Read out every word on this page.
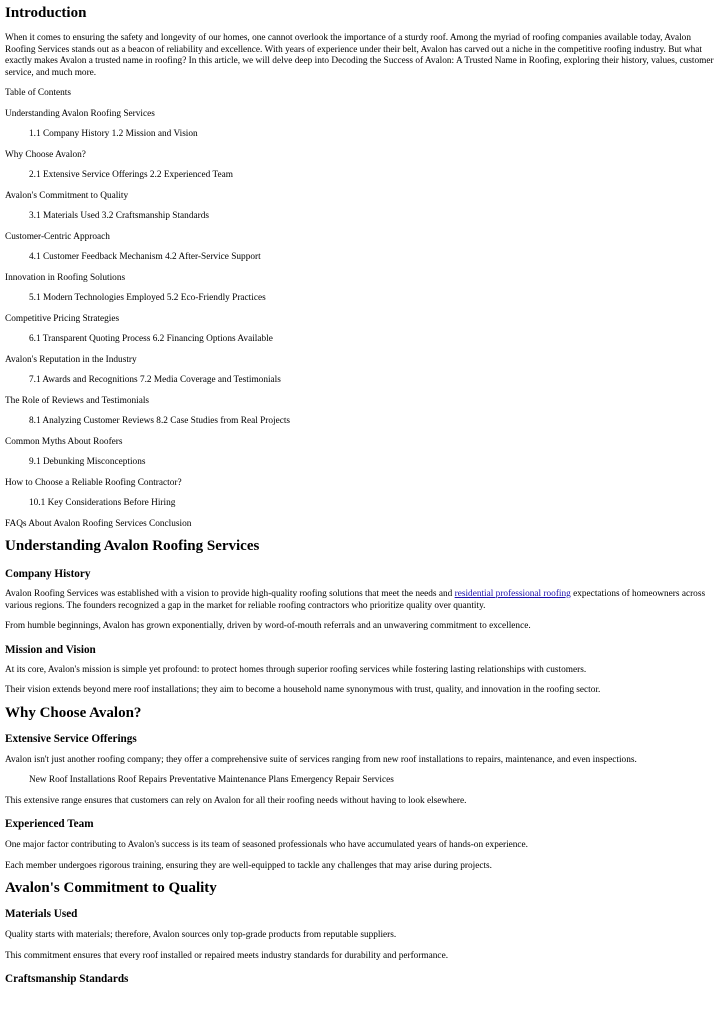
Introduction

When it comes to ensuring the safety and longevity of our homes, one cannot overlook the importance of a sturdy roof. Among the myriad of roofing companies available today, Avalon Roofing Services stands out as a beacon of reliability and excellence. With years of experience under their belt, Avalon has carved out a niche in the competitive roofing industry. But what exactly makes Avalon a trusted name in roofing? In this article, we will delve deep into Decoding the Success of Avalon: A Trusted Name in Roofing, exploring their history, values, customer service, and much more.

Table of Contents

Understanding Avalon Roofing Services

1.1 Company History 1.2 Mission and Vision

Why Choose Avalon?

2.1 Extensive Service Offerings 2.2 Experienced Team

Avalon's Commitment to Quality

3.1 Materials Used 3.2 Craftsmanship Standards

Customer-Centric Approach

4.1 Customer Feedback Mechanism 4.2 After-Service Support

Innovation in Roofing Solutions

5.1 Modern Technologies Employed 5.2 Eco-Friendly Practices

Competitive Pricing Strategies

6.1 Transparent Quoting Process 6.2 Financing Options Available

Avalon's Reputation in the Industry

7.1 Awards and Recognitions 7.2 Media Coverage and Testimonials

The Role of Reviews and Testimonials

8.1 Analyzing Customer Reviews 8.2 Case Studies from Real Projects

Common Myths About Roofers

9.1 Debunking Misconceptions

How to Choose a Reliable Roofing Contractor?

10.1 Key Considerations Before Hiring

FAQs About Avalon Roofing Services Conclusion

Understanding Avalon Roofing Services
Company History

Avalon Roofing Services was established with a vision to provide high-quality roofing solutions that meet the needs and residential professional roofing expectations of homeowners across various regions. The founders recognized a gap in the market for reliable roofing contractors who prioritize quality over quantity.

From humble beginnings, Avalon has grown exponentially, driven by word-of-mouth referrals and an unwavering commitment to excellence.

Mission and Vision

At its core, Avalon's mission is simple yet profound: to protect homes through superior roofing services while fostering lasting relationships with customers.

Their vision extends beyond mere roof installations; they aim to become a household name synonymous with trust, quality, and innovation in the roofing sector.

Why Choose Avalon?
Extensive Service Offerings

Avalon isn't just another roofing company; they offer a comprehensive suite of services ranging from new roof installations to repairs, maintenance, and even inspections.

New Roof Installations Roof Repairs Preventative Maintenance Plans Emergency Repair Services

This extensive range ensures that customers can rely on Avalon for all their roofing needs without having to look elsewhere.

Experienced Team

One major factor contributing to Avalon's success is its team of seasoned professionals who have accumulated years of hands-on experience.

Each member undergoes rigorous training, ensuring they are well-equipped to tackle any challenges that may arise during projects.

Avalon's Commitment to Quality
Materials Used

Quality starts with materials; therefore, Avalon sources only top-grade products from reputable suppliers.

This commitment ensures that every roof installed or repaired meets industry standards for durability and performance.

Craftsmanship Standards
